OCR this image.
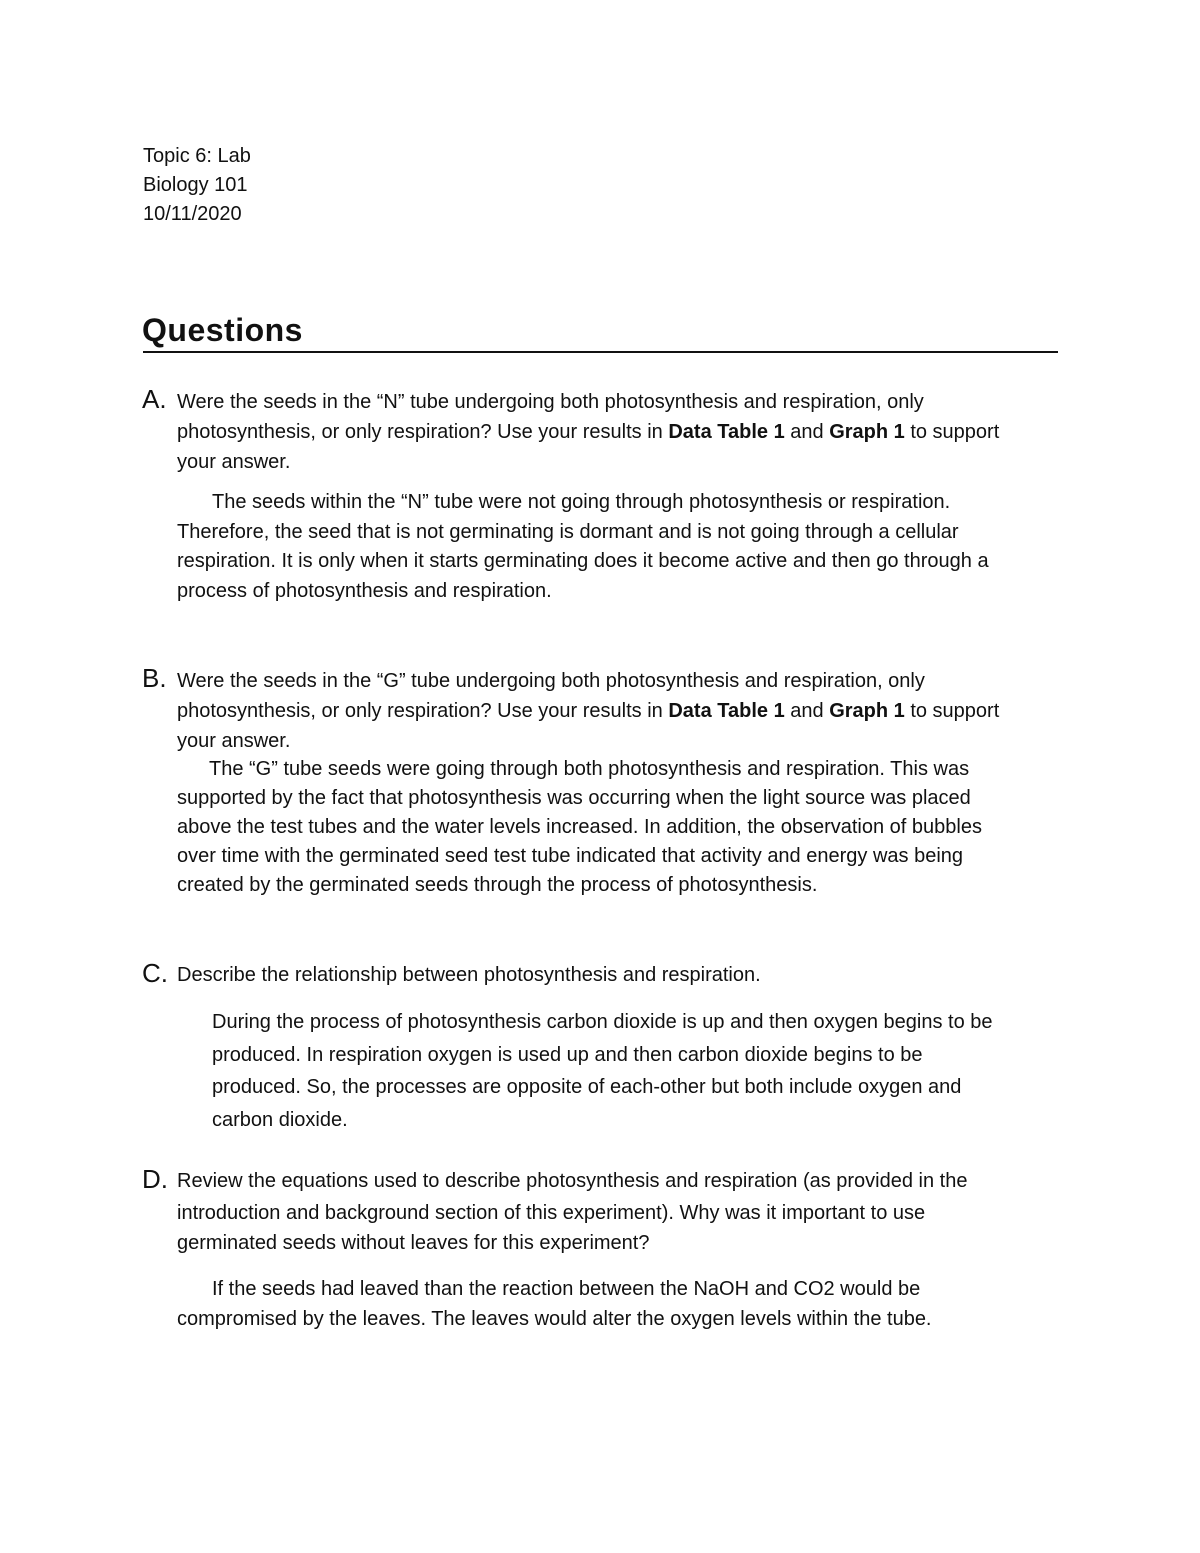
Topic 6: Lab
Biology 101
10/11/2020
Questions
A. Were the seeds in the “N” tube undergoing both photosynthesis and respiration, only
photosynthesis, or only respiration? Use your results in Data Table 1 and Graph 1 to support
your answer.
The seeds within the “N” tube were not going through photosynthesis or respiration.
Therefore, the seed that is not germinating is dormant and is not going through a cellular
respiration. It is only when it starts germinating does it become active and then go through a
process of photosynthesis and respiration.
B. Were the seeds in the “G” tube undergoing both photosynthesis and respiration, only
photosynthesis, or only respiration? Use your results in Data Table 1 and Graph 1 to support
your answer.
The “G” tube seeds were going through both photosynthesis and respiration. This was
supported by the fact that photosynthesis was occurring when the light source was placed
above the test tubes and the water levels increased. In addition, the observation of bubbles
over time with the germinated seed test tube indicated that activity and energy was being
created by the germinated seeds through the process of photosynthesis.
C. Describe the relationship between photosynthesis and respiration.
During the process of photosynthesis carbon dioxide is up and then oxygen begins to be
produced. In respiration oxygen is used up and then carbon dioxide begins to be
produced. So, the processes are opposite of each-other but both include oxygen and
carbon dioxide.
D. Review the equations used to describe photosynthesis and respiration (as provided in the
introduction and background section of this experiment). Why was it important to use
germinated seeds without leaves for this experiment?
If the seeds had leaved than the reaction between the NaOH and CO2 would be
compromised by the leaves. The leaves would alter the oxygen levels within the tube.
